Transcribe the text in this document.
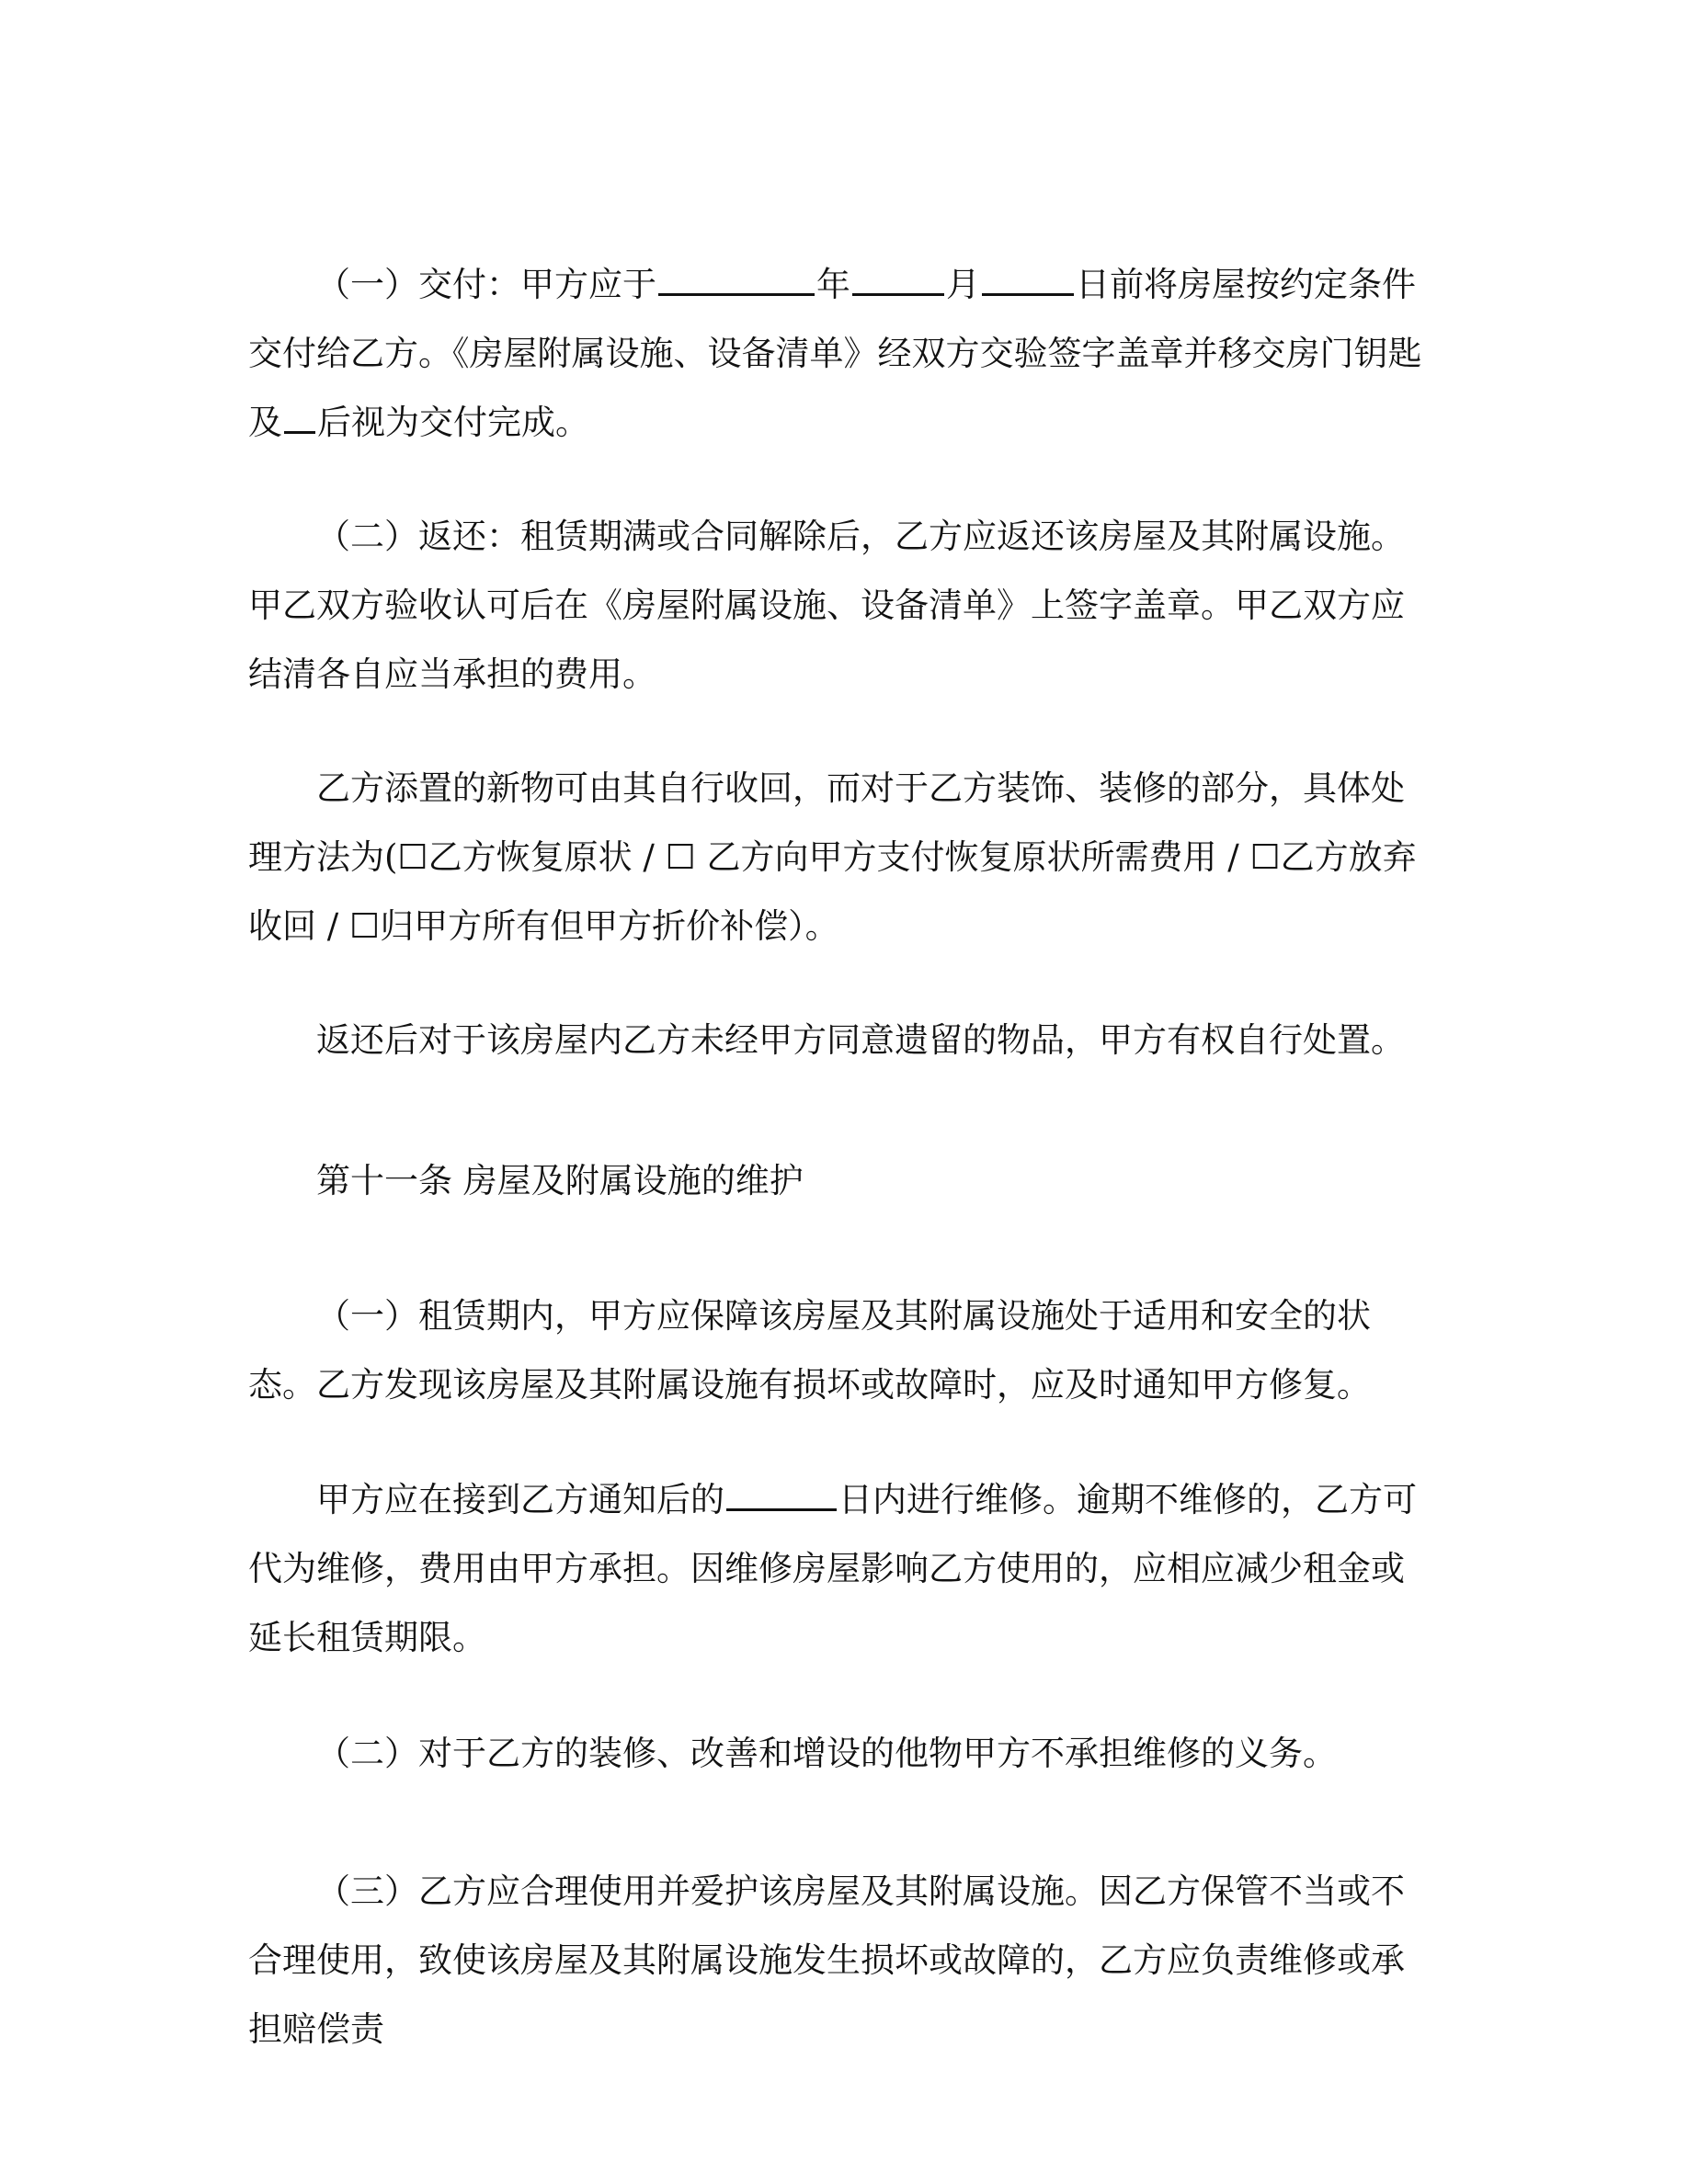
（一）交付：甲方应于	年	月	日前将房屋按约定条件交付给乙方。《房屋附属设施、设备清单》经双方交验签字盖章并移交房门钥匙及 后视为交付完成。

（二）返还：租赁期满或合同解除后，乙方应返还该房屋及其附属设施。甲乙双方验收认可后在《房屋附属设施、设备清单》上签字盖章。甲乙双方应结清各自应当承担的费用。

乙方添置的新物可由其自行收回，而对于乙方装饰、装修的部分，具体处理方法为(☐乙方恢复原状 / ☐ 乙方向甲方支付恢复原状所需费用 / ☐乙方放弃收回 / ☐归甲方所有但甲方折价补偿）。

返还后对于该房屋内乙方未经甲方同意遗留的物品，甲方有权自行处置。

第十一条 房屋及附属设施的维护

（一）租赁期内，甲方应保障该房屋及其附属设施处于适用和安全的状态。乙方发现该房屋及其附属设施有损坏或故障时，应及时通知甲方修复。

甲方应在接到乙方通知后的	日内进行维修。逾期不维修的，乙方可代为维修，费用由甲方承担。因维修房屋影响乙方使用的，应相应减少租金或延长租赁期限。

（二）对于乙方的装修、改善和增设的他物甲方不承担维修的义务。

（三）乙方应合理使用并爱护该房屋及其附属设施。因乙方保管不当或不合理使用，致使该房屋及其附属设施发生损坏或故障的，乙方应负责维修或承担赔偿责
